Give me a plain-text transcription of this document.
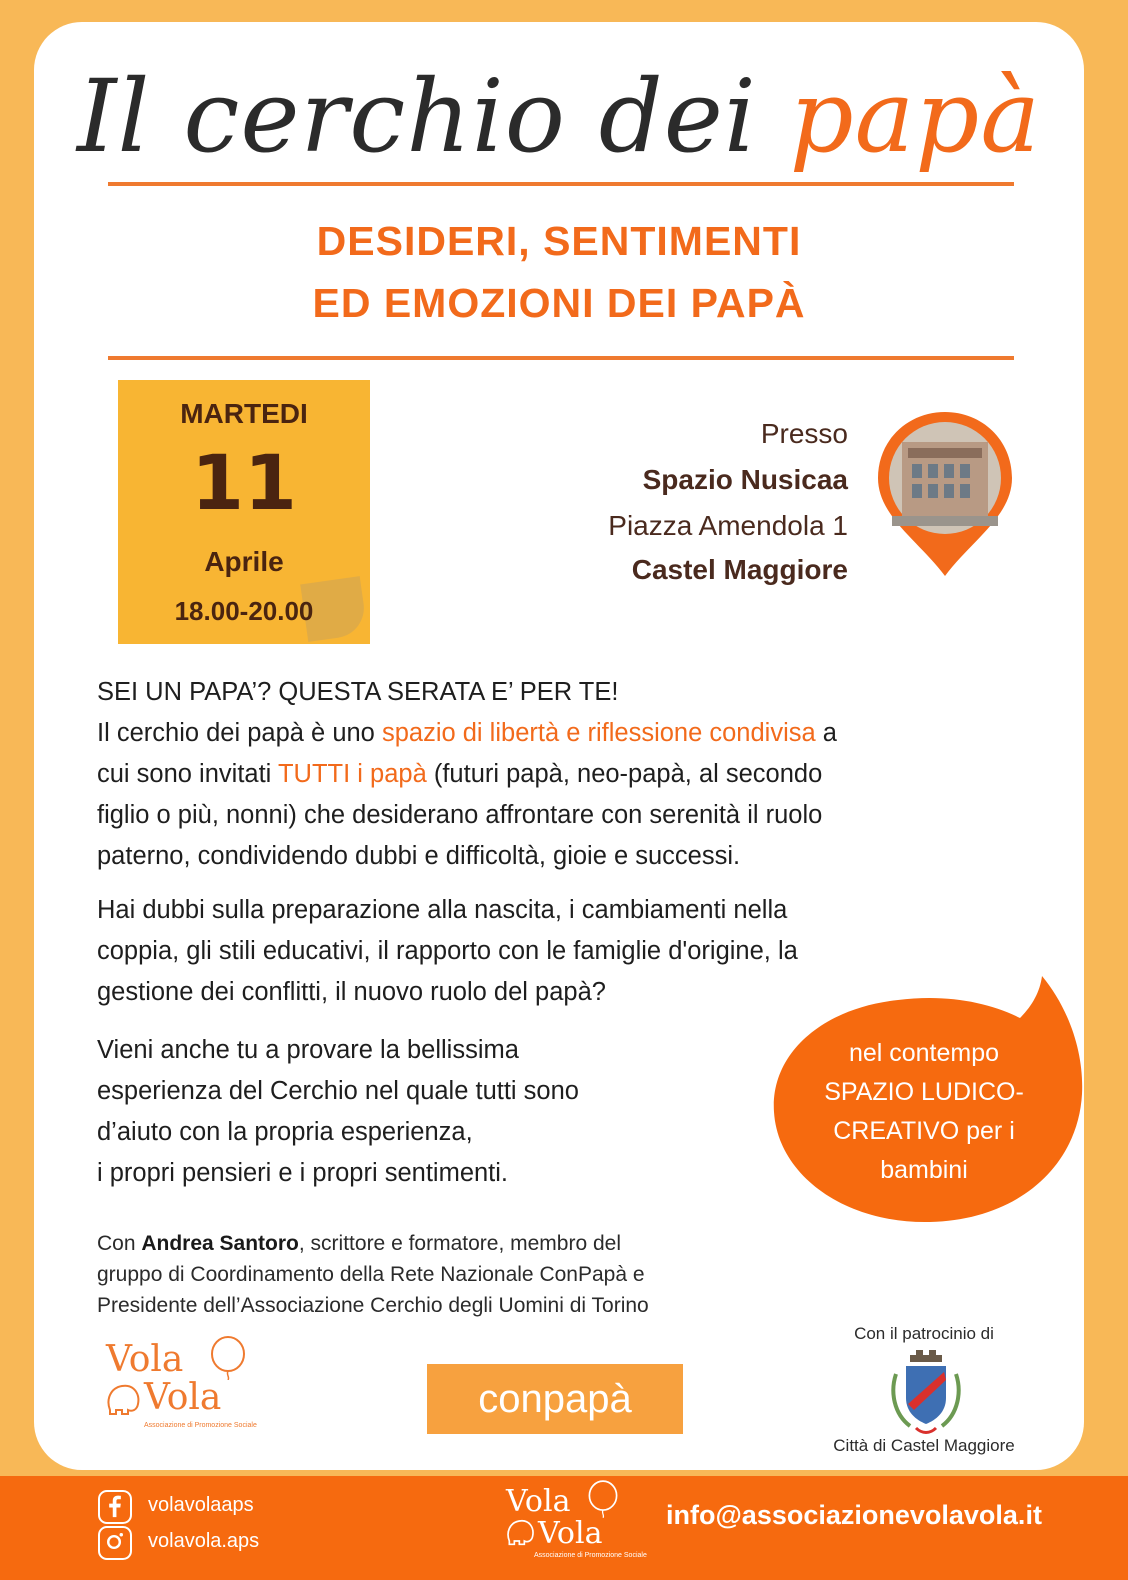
Il cerchio dei papà
DESIDERI, SENTIMENTI
ED EMOZIONI DEI PAPÀ
MARTEDI
11
Aprile
18.00-20.00
Presso
Spazio Nusicaa
Piazza Amendola 1
Castel Maggiore
SEI UN PAPA’? QUESTA SERATA E’ PER TE!
Il cerchio dei papà è uno spazio di libertà e riflessione condivisa a
cui sono invitati TUTTI i papà (futuri papà, neo-papà, al secondo
figlio o più, nonni) che desiderano affrontare con serenità il ruolo
paterno, condividendo dubbi e difficoltà, gioie e successi.
Hai dubbi sulla preparazione alla nascita, i cambiamenti nella
coppia, gli stili educativi, il rapporto con le famiglie d'origine, la
gestione dei conflitti, il nuovo ruolo del papà?
Vieni anche tu a provare la bellissima
esperienza del Cerchio nel quale tutti sono
d’aiuto con la propria esperienza,
i propri pensieri e i propri sentimenti.
nel contempo
SPAZIO LUDICO-
CREATIVO per i
bambini
Con Andrea Santoro, scrittore e formatore, membro del
gruppo di Coordinamento della Rete Nazionale ConPapà e
Presidente dell’Associazione Cerchio degli Uomini di Torino
Vola
Vola
Associazione di Promozione Sociale
conpapà
Con il patrocinio di
Città di Castel Maggiore
volavolaaps
volavola.aps
Vola
Vola
Associazione di Promozione Sociale
info@associazionevolavola.it
